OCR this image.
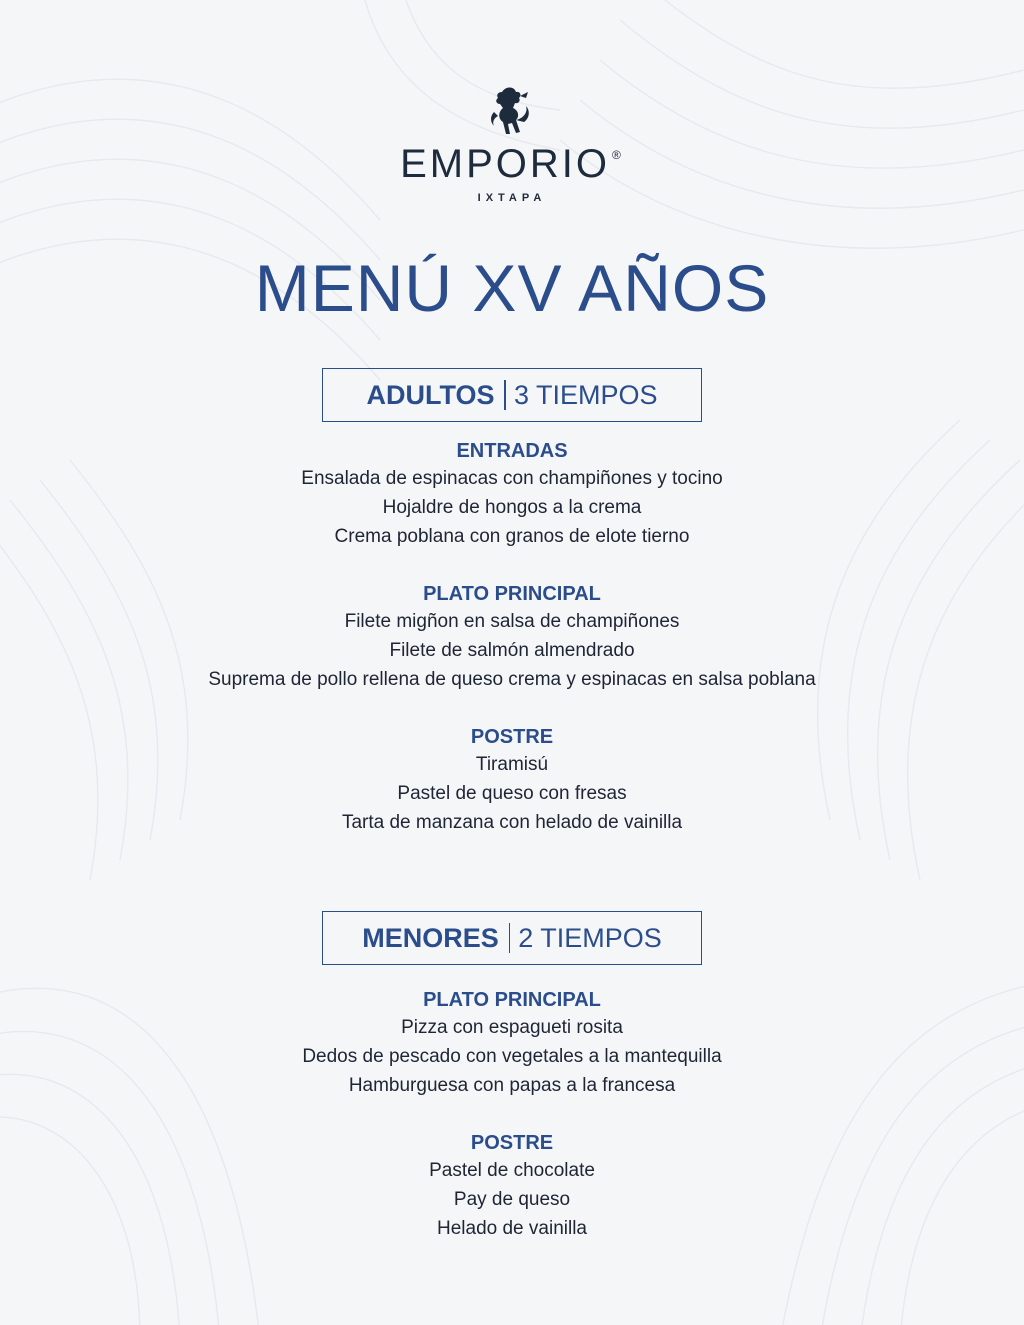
EMPORIO ®
IXTAPA
MENÚ XV AÑOS
ADULTOS 3 TIEMPOS
ENTRADAS
Ensalada de espinacas con champiñones y tocino
Hojaldre de hongos a la crema
Crema poblana con granos de elote tierno
PLATO PRINCIPAL
Filete migñon en salsa de champiñones
Filete de salmón almendrado
Suprema de pollo rellena de queso crema y espinacas en salsa poblana
POSTRE
Tiramisú
Pastel de queso con fresas
Tarta de manzana con helado de vainilla
MENORES 2 TIEMPOS
PLATO PRINCIPAL
Pizza con espagueti rosita
Dedos de pescado con vegetales a la mantequilla
Hamburguesa con papas a la francesa
POSTRE
Pastel de chocolate
Pay de queso
Helado de vainilla
